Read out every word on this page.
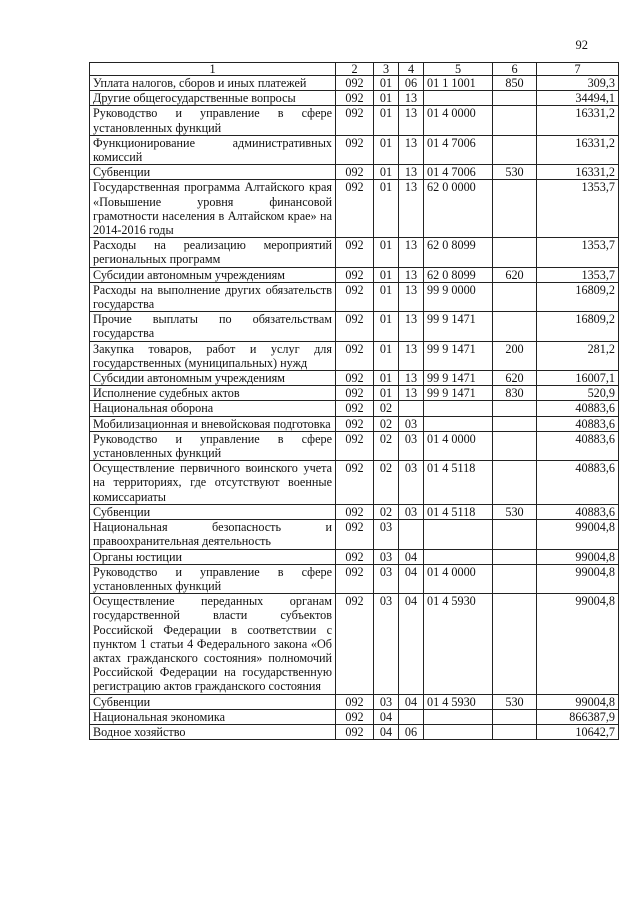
92
1	2	3	4	5	6	7
Уплата налогов, сборов и иных платежей	092	01	06	01 1 1001	850	309,3
Другие общегосударственные вопросы	092	01	13			34494,1
Руководство и управление в сфере установленных функций	092	01	13	01 4 0000		16331,2
Функционирование административных комиссий	092	01	13	01 4 7006		16331,2
Субвенции	092	01	13	01 4 7006	530	16331,2
Государственная программа Алтайского края «Повышение уровня финансовой грамотности населения в Алтайском крае» на 2014-2016 годы	092	01	13	62 0 0000		1353,7
Расходы на реализацию мероприятий региональных программ	092	01	13	62 0 8099		1353,7
Субсидии автономным учреждениям	092	01	13	62 0 8099	620	1353,7
Расходы на выполнение других обязательств государства	092	01	13	99 9 0000		16809,2
Прочие выплаты по обязательствам государства	092	01	13	99 9 1471		16809,2
Закупка товаров, работ и услуг для государственных (муниципальных) нужд	092	01	13	99 9 1471	200	281,2
Субсидии автономным учреждениям	092	01	13	99 9 1471	620	16007,1
Исполнение судебных актов	092	01	13	99 9 1471	830	520,9
Национальная оборона	092	02				40883,6
Мобилизационная и вневойсковая подготовка	092	02	03			40883,6
Руководство и управление в сфере установленных функций	092	02	03	01 4 0000		40883,6
Осуществление первичного воинского учета на территориях, где отсутствуют военные комиссариаты	092	02	03	01 4 5118		40883,6
Субвенции	092	02	03	01 4 5118	530	40883,6
Национальная безопасность и правоохранительная деятельность	092	03				99004,8
Органы юстиции	092	03	04			99004,8
Руководство и управление в сфере установленных функций	092	03	04	01 4 0000		99004,8
Осуществление переданных органам государственной власти субъектов Российской Федерации в соответствии с пунктом 1 статьи 4 Федерального закона «Об актах гражданского состояния» полномочий Российской Федерации на государственную регистрацию актов гражданского состояния	092	03	04	01 4 5930		99004,8
Субвенции	092	03	04	01 4 5930	530	99004,8
Национальная экономика	092	04				866387,9
Водное хозяйство	092	04	06			10642,7
